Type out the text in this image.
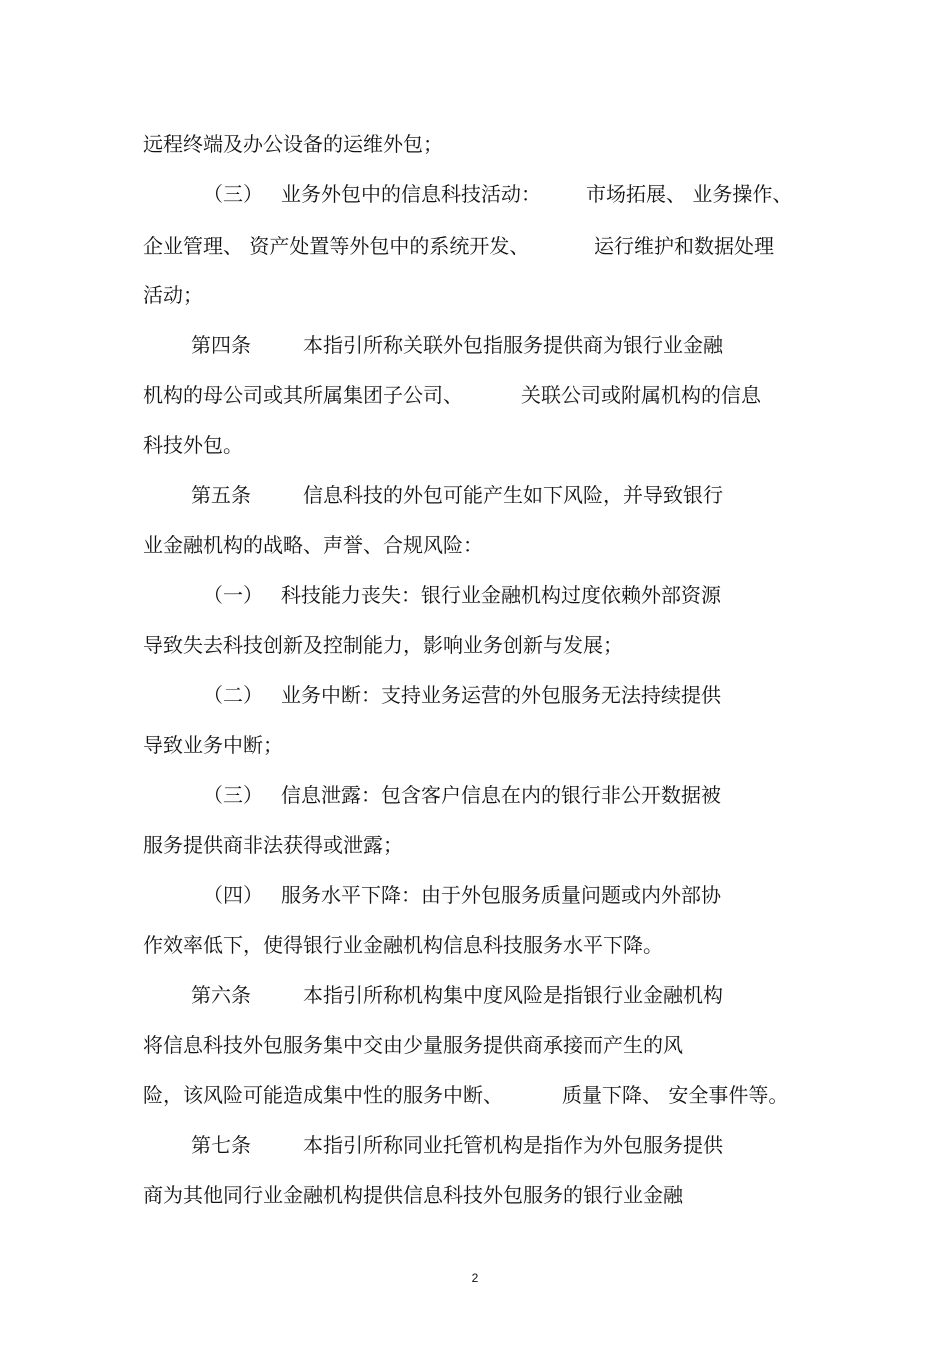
远程终端及办公设备的运维外包；
（三） 业务外包中的信息科技活动： 市场拓展、 业务操作、
企业管理、 资产处置等外包中的系统开发、	运行维护和数据处理
活动；
第四条	本指引所称关联外包指服务提供商为银行业金融
机构的母公司或其所属集团子公司、	关联公司或附属机构的信息
科技外包。
第五条	信息科技的外包可能产生如下风险，并导致银行
业金融机构的战略、声誉、合规风险：
（一） 科技能力丧失：银行业金融机构过度依赖外部资源
导致失去科技创新及控制能力，影响业务创新与发展；
（二） 业务中断：支持业务运营的外包服务无法持续提供
导致业务中断；
（三） 信息泄露：包含客户信息在内的银行非公开数据被
服务提供商非法获得或泄露；
（四） 服务水平下降：由于外包服务质量问题或内外部协
作效率低下，使得银行业金融机构信息科技服务水平下降。
第六条	本指引所称机构集中度风险是指银行业金融机构
将信息科技外包服务集中交由少量服务提供商承接而产生的风
险，该风险可能造成集中性的服务中断、	质量下降、 安全事件等。
第七条	本指引所称同业托管机构是指作为外包服务提供
商为其他同行业金融机构提供信息科技外包服务的银行业金融
2
